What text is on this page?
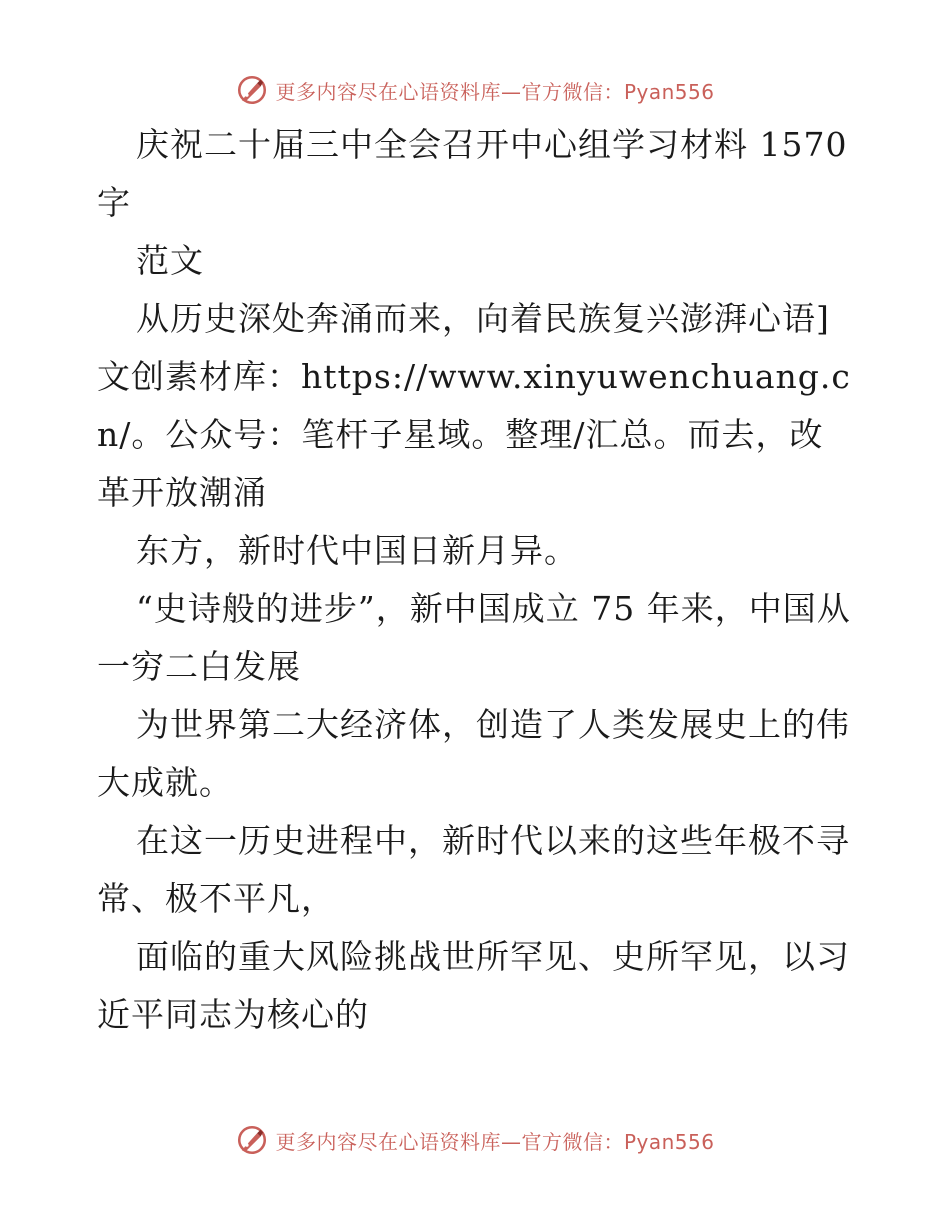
更多内容尽在心语资料库—官方微信：Pyan556

庆祝二十届三中全会召开中心组学习材料 1570字

范文

从历史深处奔涌而来，向着民族复兴澎湃心语]文创素材库：https://www.xinyuwenchuang.cn/。公众号：笔杆子星域。整理/汇总。而去，改革开放潮涌

东方，新时代中国日新月异。

“史诗般的进步”，新中国成立 75 年来，中国从一穷二白发展

为世界第二大经济体，创造了人类发展史上的伟大成就。

在这一历史进程中，新时代以来的这些年极不寻常、极不平凡，

面临的重大风险挑战世所罕见、史所罕见，以习近平同志为核心的

更多内容尽在心语资料库—官方微信：Pyan556
